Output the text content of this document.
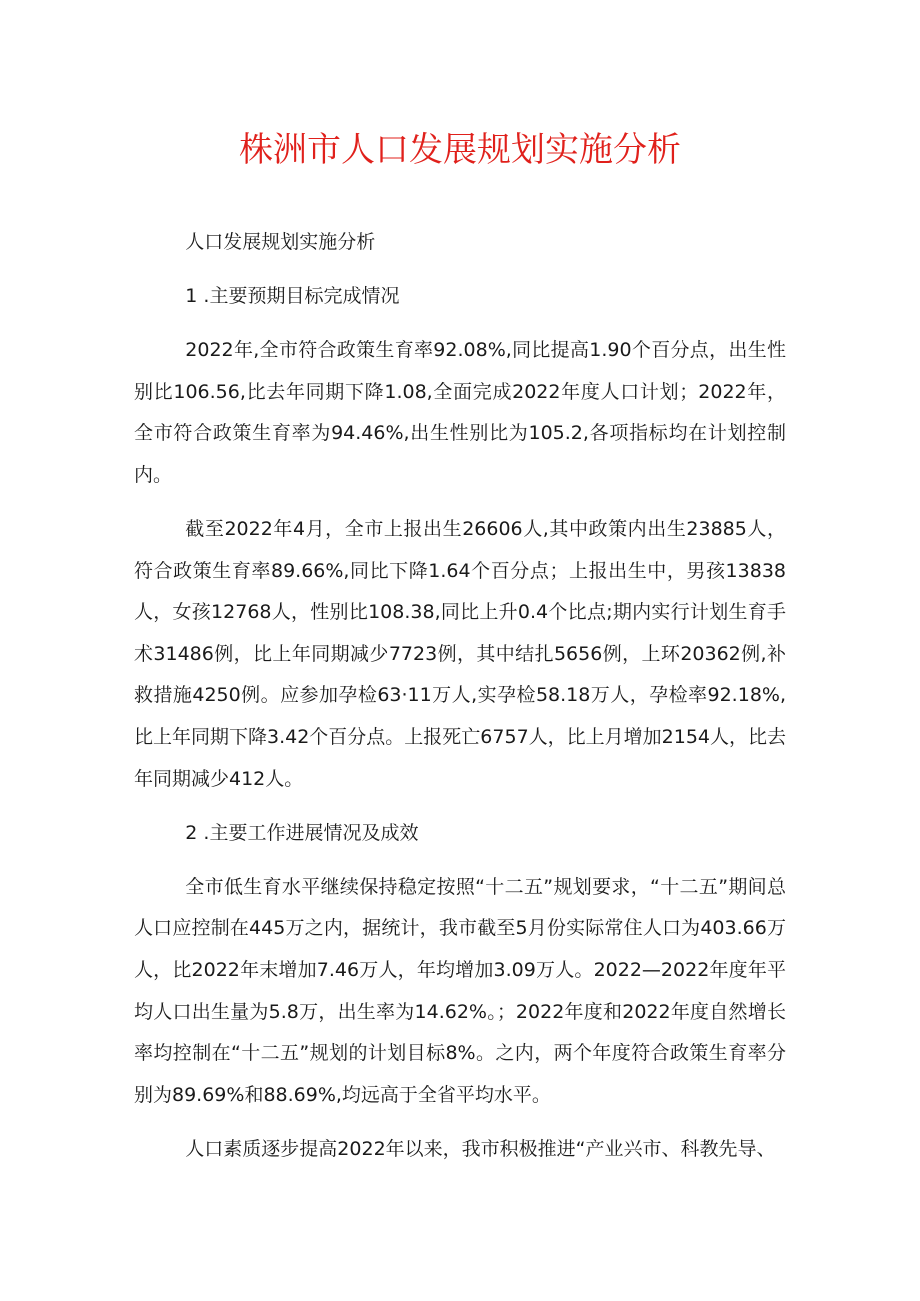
株洲市人口发展规划实施分析

人口发展规划实施分析

1 .主要预期目标完成情况

2022年,全市符合政策生育率92.08%,同比提高1.90个百分点，出生性别比106.56,比去年同期下降1.08,全面完成2022年度人口计划；2022年，全市符合政策生育率为94.46%,出生性别比为105.2,各项指标均在计划控制内。

截至2022年4月，全市上报出生26606人,其中政策内出生23885人，符合政策生育率89.66%,同比下降1.64个百分点；上报出生中，男孩13838人，女孩12768人，性别比108.38,同比上升0.4个比点;期内实行计划生育手术31486例，比上年同期减少7723例，其中结扎5656例，上环20362例,补救措施4250例。应参加孕检63·11万人,实孕检58.18万人，孕检率92.18%,比上年同期下降3.42个百分点。上报死亡6757人，比上月增加2154人，比去年同期减少412人。

2 .主要工作进展情况及成效

全市低生育水平继续保持稳定按照“十二五”规划要求，“十二五”期间总人口应控制在445万之内，据统计，我市截至5月份实际常住人口为403.66万人，比2022年末增加7.46万人，年均增加3.09万人。2022—2022年度年平均人口出生量为5.8万，出生率为14.62%。；2022年度和2022年度自然增长率均控制在“十二五”规划的计划目标8%。之内，两个年度符合政策生育率分别为89.69%和88.69%,均远高于全省平均水平。

人口素质逐步提高2022年以来，我市积极推进“产业兴市、科教先导、
